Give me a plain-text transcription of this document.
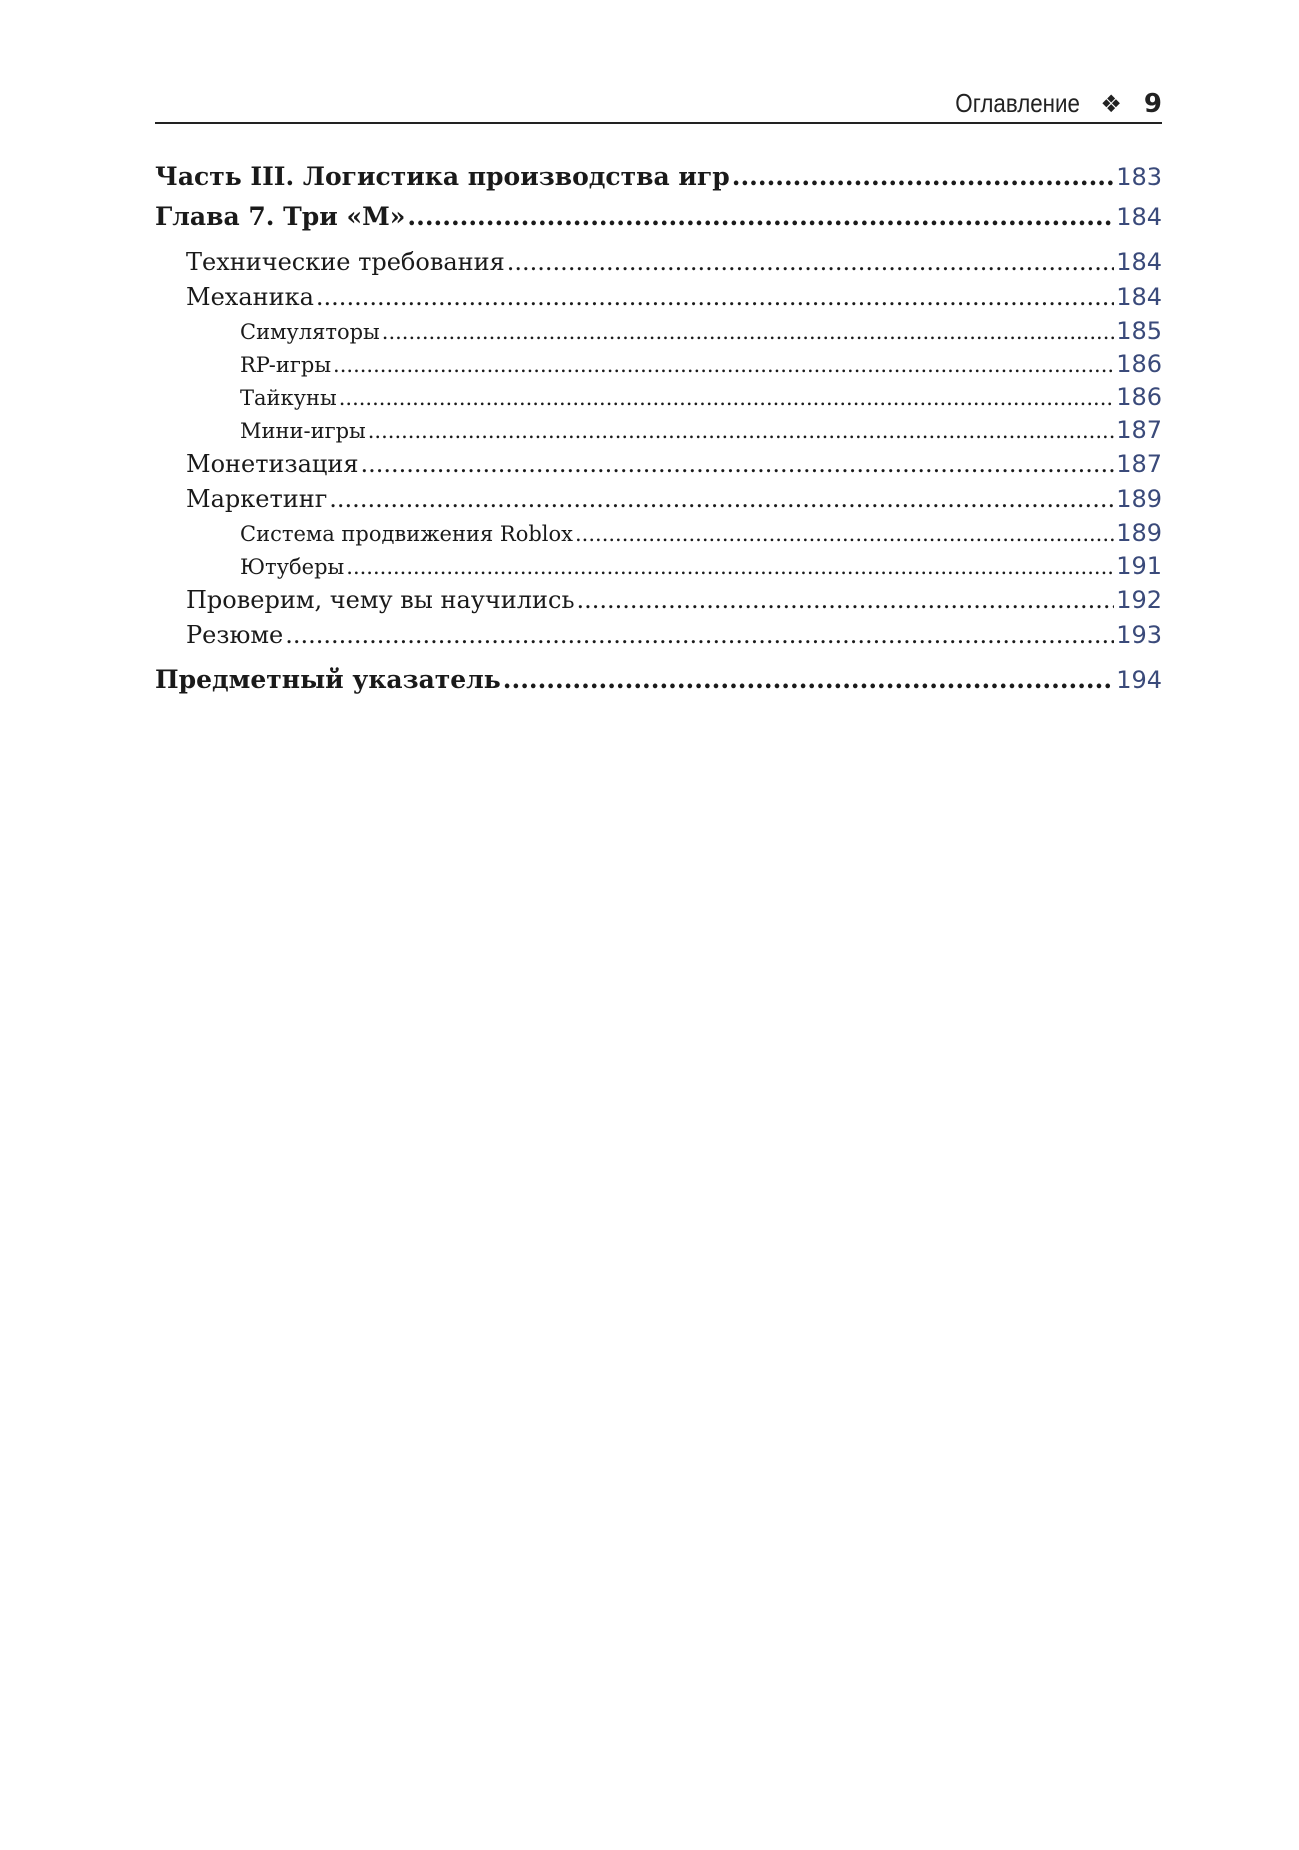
Оглавление ❖ 9
Часть III. Логистика производства игр .....	183
Глава 7. Три «М» .....	184
Технические требования .....	184
Механика .....	184
Симуляторы .....	185
RP-игры .....	186
Тайкуны .....	186
Мини-игры .....	187
Монетизация .....	187
Маркетинг .....	189
Система продвижения Roblox .....	189
Ютуберы .....	191
Проверим, чему вы научились .....	192
Резюме .....	193
Предметный указатель .....	194
